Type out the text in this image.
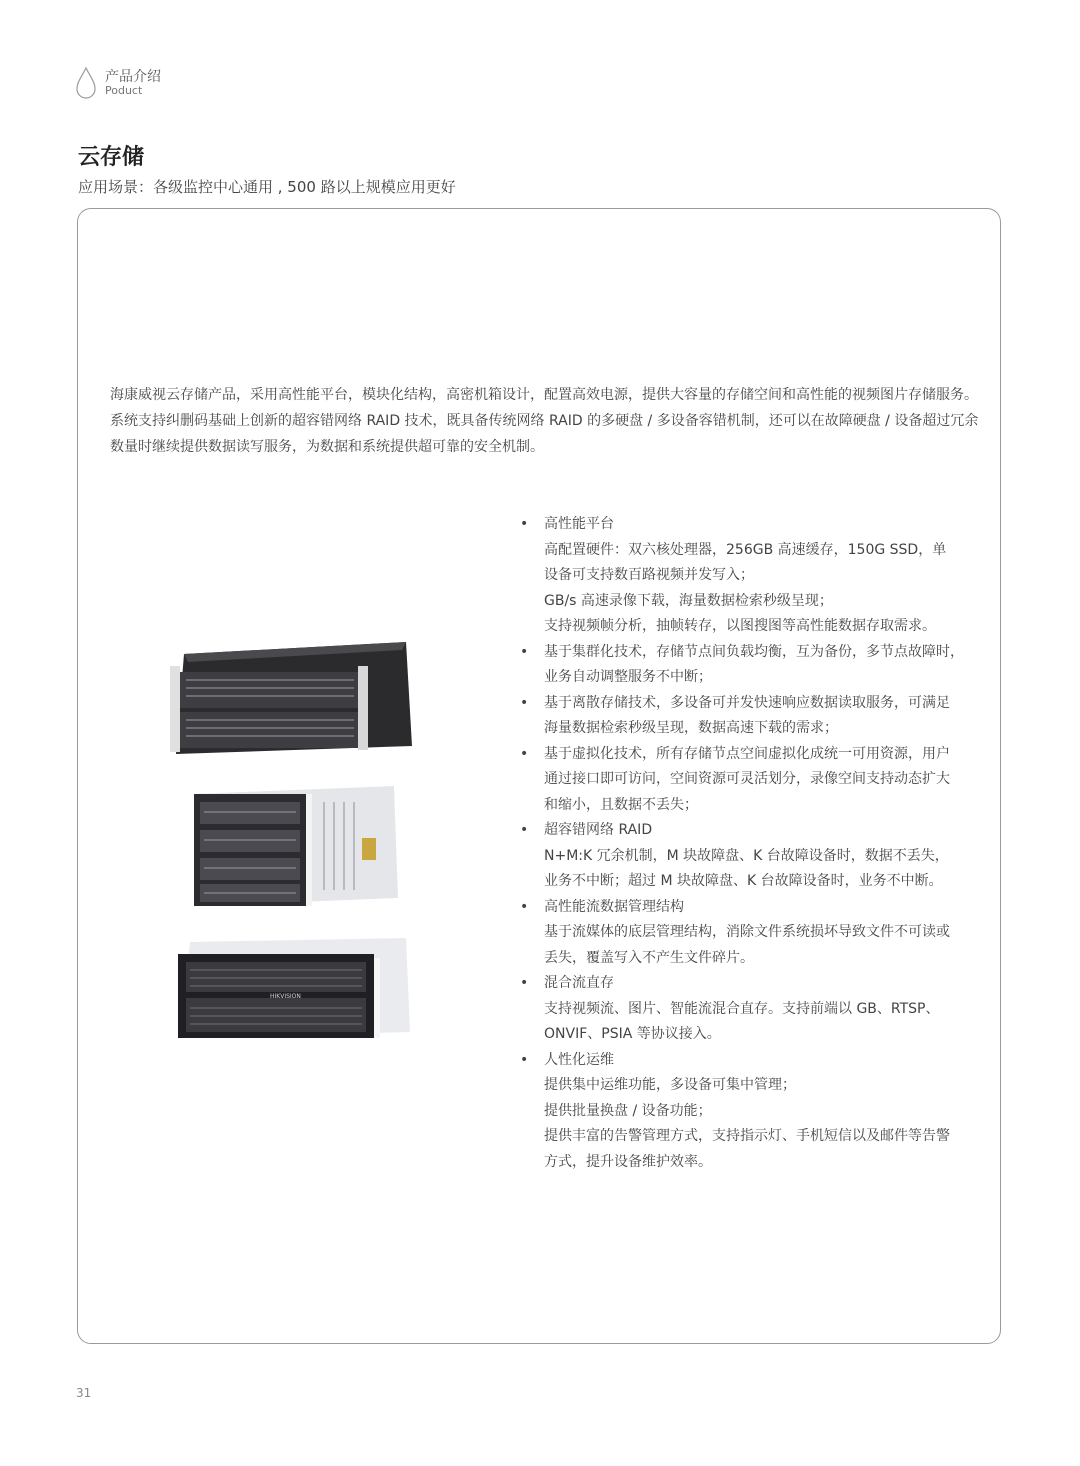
产品介绍
Poduct
云存储
应用场景：各级监控中心通用 , 500 路以上规模应用更好

海康威视云存储产品，采用高性能平台，模块化结构，高密机箱设计，配置高效电源，提供大容量的存储空间和高性能的视频图片存储服务。

系统支持纠删码基础上创新的超容错网络 RAID 技术，既具备传统网络 RAID 的多硬盘 / 多设备容错机制，还可以在故障硬盘 / 设备超过冗余

数量时继续提供数据读写服务，为数据和系统提供超可靠的安全机制。

HIKVISION
• 高性能平台
高配置硬件：双六核处理器，256GB 高速缓存，150G SSD，单
设备可支持数百路视频并发写入；
GB/s 高速录像下载，海量数据检索秒级呈现；
支持视频帧分析，抽帧转存，以图搜图等高性能数据存取需求。
• 基于集群化技术，存储节点间负载均衡，互为备份，多节点故障时，
业务自动调整服务不中断；
• 基于离散存储技术，多设备可并发快速响应数据读取服务，可满足
海量数据检索秒级呈现，数据高速下载的需求；
• 基于虚拟化技术，所有存储节点空间虚拟化成统一可用资源，用户
通过接口即可访问，空间资源可灵活划分，录像空间支持动态扩大
和缩小，且数据不丢失；
• 超容错网络 RAID
N+M:K 冗余机制，M 块故障盘、K 台故障设备时，数据不丢失，
业务不中断；超过 M 块故障盘、K 台故障设备时，业务不中断。
• 高性能流数据管理结构
基于流媒体的底层管理结构，消除文件系统损坏导致文件不可读或
丢失，覆盖写入不产生文件碎片。
• 混合流直存
支持视频流、图片、智能流混合直存。支持前端以 GB、RTSP、
ONVIF、PSIA 等协议接入。
• 人性化运维
提供集中运维功能，多设备可集中管理；
提供批量换盘 / 设备功能；
提供丰富的告警管理方式，支持指示灯、手机短信以及邮件等告警
方式，提升设备维护效率。
31
